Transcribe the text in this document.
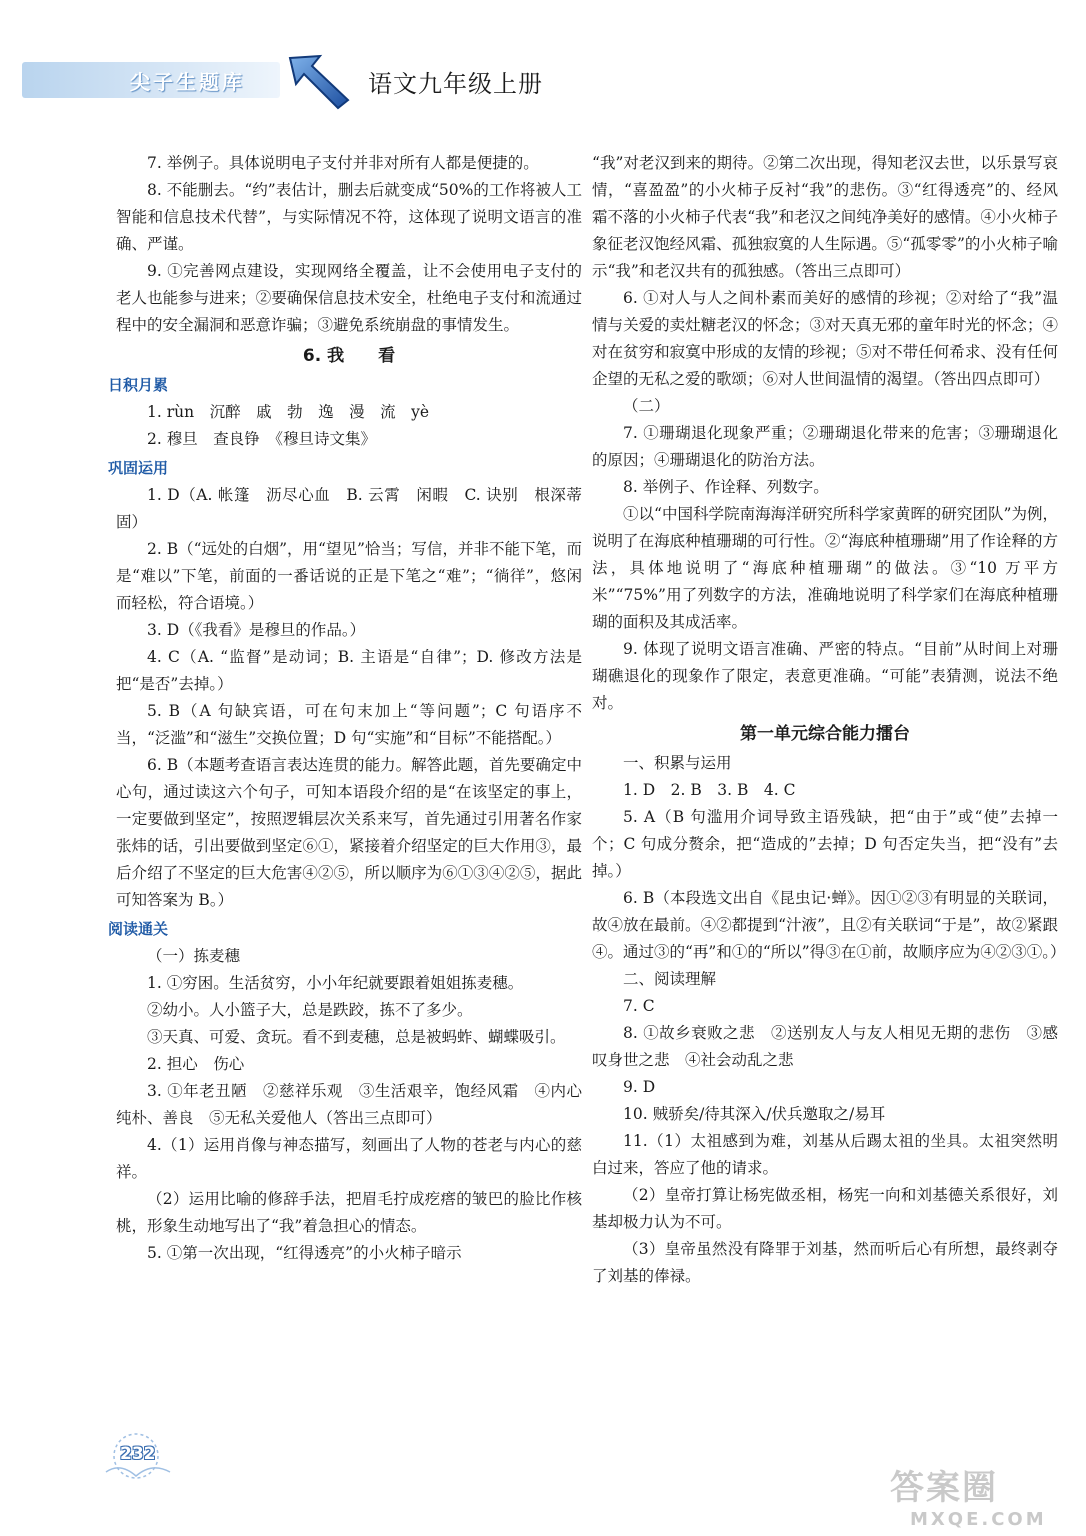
尖子生题库	语文九年级上册

7. 举例子。具体说明电子支付并非对所有人都是便捷的。

8. 不能删去。“约”表估计，删去后就变成“50%的工作将被人工智能和信息技术代替”，与实际情况不符，这体现了说明文语言的准确、严谨。

9. ①完善网点建设，实现网络全覆盖，让不会使用电子支付的老人也能参与进来；②要确保信息技术安全，杜绝电子支付和流通过程中的安全漏洞和恶意诈骗；③避免系统崩盘的事情发生。

6. 我　　看
日积月累

1. rùn　沉醉　戚　勃　逸　漫　流　yè

2. 穆旦　查良铮　《穆旦诗文集》

巩固运用

1. D（A. 帐篷　沥尽心血　B. 云霄　闲暇　C. 诀别　根深蒂固）

2. B（“远处的白烟”，用“望见”恰当；写信，并非不能下笔，而是“难以”下笔，前面的一番话说的正是下笔之“难”；“徜徉”，悠闲而轻松，符合语境。）

3. D（《我看》是穆旦的作品。）

4. C（A. “监督”是动词；B. 主语是“自律”；D. 修改方法是把“是否”去掉。）

5. B（A 句缺宾语，可在句末加上“等问题”；C 句语序不当，“泛滥”和“滋生”交换位置；D 句“实施”和“目标”不能搭配。）

6. B（本题考查语言表达连贯的能力。解答此题，首先要确定中心句，通过读这六个句子，可知本语段介绍的是“在该坚定的事上，一定要做到坚定”，按照逻辑层次关系来写，首先通过引用著名作家张炜的话，引出要做到坚定⑥①，紧接着介绍坚定的巨大作用③，最后介绍了不坚定的巨大危害④②⑤，所以顺序为⑥①③④②⑤，据此可知答案为 B。）

阅读通关

（一）拣麦穗

1. ①穷困。生活贫穷，小小年纪就要跟着姐姐拣麦穗。

②幼小。人小篮子大，总是跌跤，拣不了多少。

③天真、可爱、贪玩。看不到麦穗，总是被蚂蚱、蝴蝶吸引。

2. 担心　伤心

3. ①年老丑陋　②慈祥乐观　③生活艰辛，饱经风霜　④内心纯朴、善良　⑤无私关爱他人（答出三点即可）

4.（1）运用肖像与神态描写，刻画出了人物的苍老与内心的慈祥。

（2）运用比喻的修辞手法，把眉毛拧成疙瘩的皱巴的脸比作核桃，形象生动地写出了“我”着急担心的情态。

5. ①第一次出现，“红得透亮”的小火柿子暗示

“我”对老汉到来的期待。②第二次出现，得知老汉去世，以乐景写哀情，“喜盈盈”的小火柿子反衬“我”的悲伤。③“红得透亮”的、经风霜不落的小火柿子代表“我”和老汉之间纯净美好的感情。④小火柿子象征老汉饱经风霜、孤独寂寞的人生际遇。⑤“孤零零”的小火柿子喻示“我”和老汉共有的孤独感。（答出三点即可）

6. ①对人与人之间朴素而美好的感情的珍视；②对给了“我”温情与关爱的卖灶糖老汉的怀念；③对天真无邪的童年时光的怀念；④对在贫穷和寂寞中形成的友情的珍视；⑤对不带任何希求、没有任何企望的无私之爱的歌颂；⑥对人世间温情的渴望。（答出四点即可）

（二）

7. ①珊瑚退化现象严重；②珊瑚退化带来的危害；③珊瑚退化的原因；④珊瑚退化的防治方法。

8. 举例子、作诠释、列数字。

①以“中国科学院南海海洋研究所科学家黄晖的研究团队”为例，说明了在海底种植珊瑚的可行性。②“海底种植珊瑚”用了作诠释的方法，具体地说明了“海底种植珊瑚”的做法。③“10 万平方米”“75%”用了列数字的方法，准确地说明了科学家们在海底种植珊瑚的面积及其成活率。

9. 体现了说明文语言准确、严密的特点。“目前”从时间上对珊瑚礁退化的现象作了限定，表意更准确。“可能”表猜测，说法不绝对。

第一单元综合能力擂台

一、积累与运用

1. D　2. B　3. B　4. C

5. A（B 句滥用介词导致主语残缺，把“由于”或“使”去掉一个；C 句成分赘余，把“造成的”去掉；D 句否定失当，把“没有”去掉。）

6. B（本段选文出自《昆虫记·蝉》。因①②③有明显的关联词，故④放在最前。④②都提到“汁液”，且②有关联词“于是”，故②紧跟④。通过③的“再”和①的“所以”得③在①前，故顺序应为④②③①。）

二、阅读理解

7. C

8. ①故乡衰败之悲　②送别友人与友人相见无期的悲伤　③感叹身世之悲　④社会动乱之悲

9. D

10. 贼骄矣/待其深入/伏兵邀取之/易耳

11.（1）太祖感到为难，刘基从后踢太祖的坐具。太祖突然明白过来，答应了他的请求。

（2）皇帝打算让杨宪做丞相，杨宪一向和刘基德关系很好，刘基却极力认为不可。

（3）皇帝虽然没有降罪于刘基，然而听后心有所想，最终剥夺了刘基的俸禄。

232
答案圈
MXQE.COM
